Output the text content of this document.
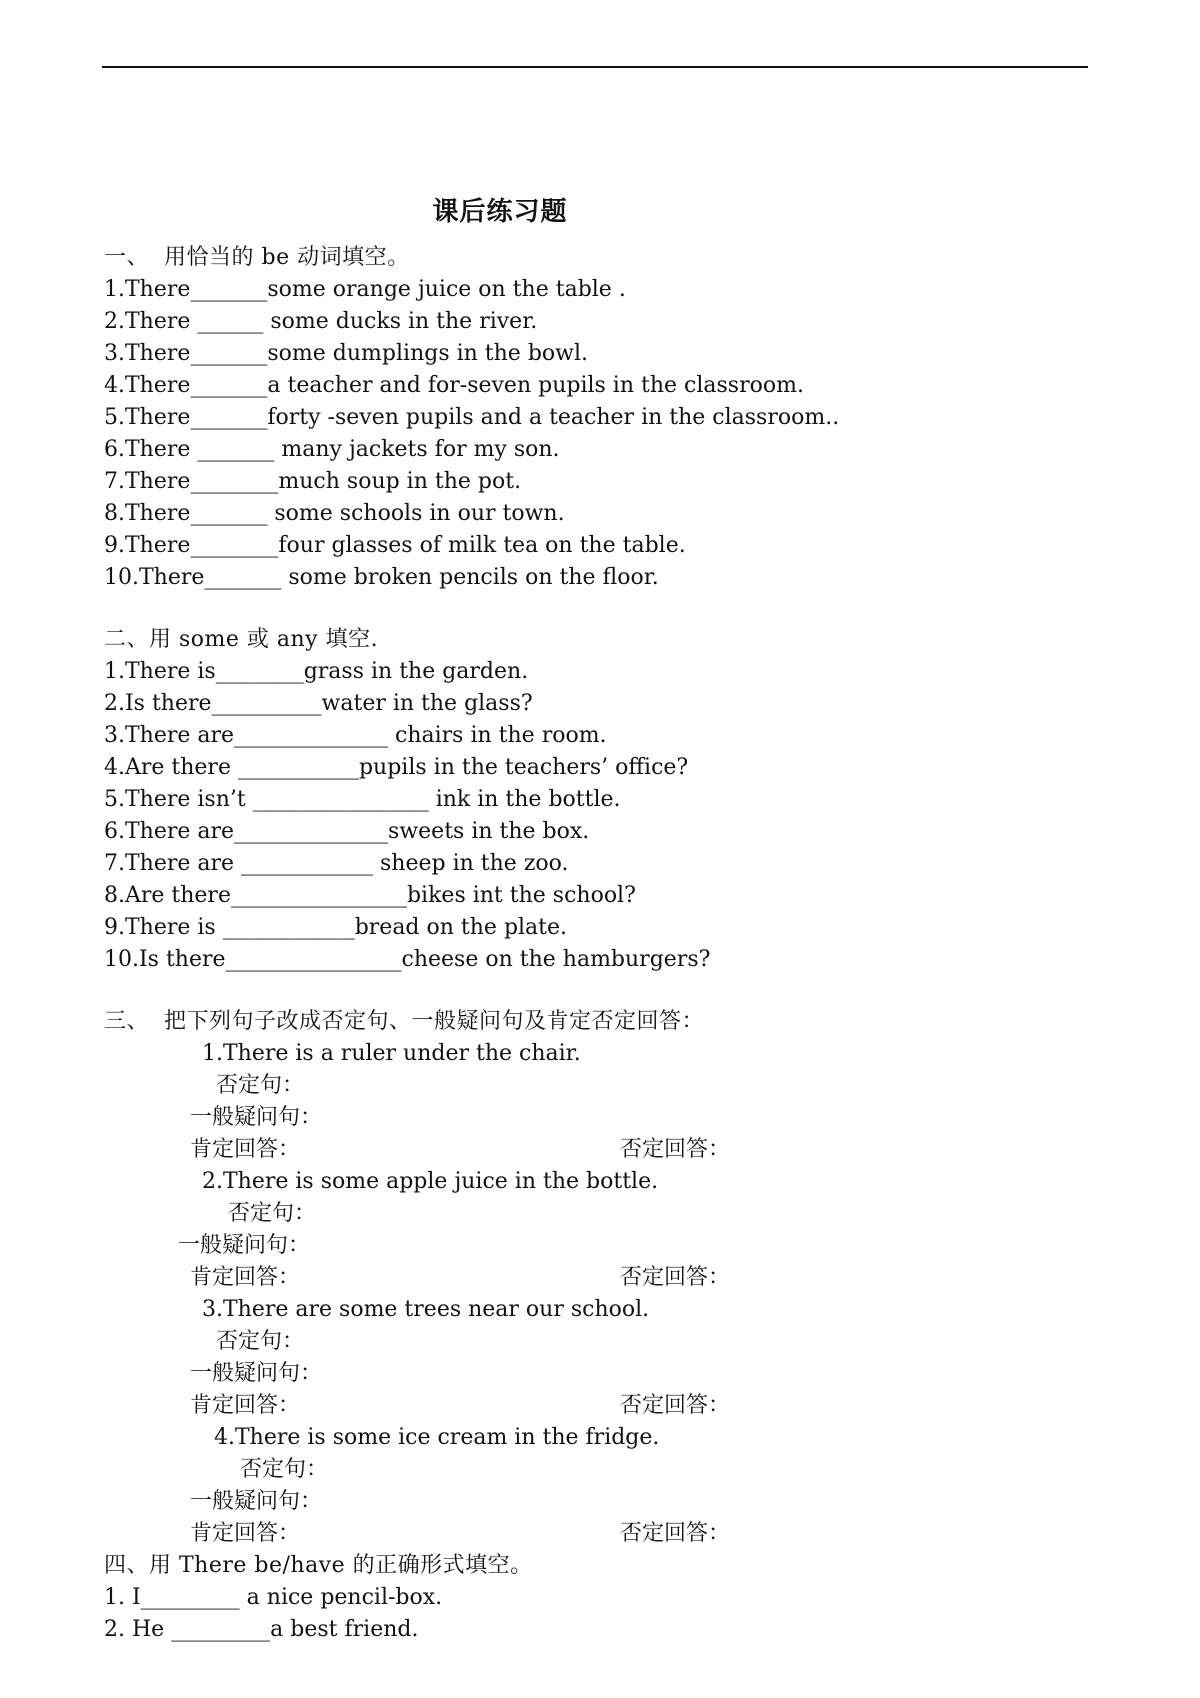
课后练习题
一、  用恰当的 be 动词填空。
1.There_______some orange juice on the table .
2.There ______ some ducks in the river.
3.There_______some dumplings in the bowl.
4.There_______a teacher and for-seven pupils in the classroom.
5.There_______forty -seven pupils and a teacher in the classroom..
6.There _______ many jackets for my son.
7.There________much soup in the pot.
8.There_______ some schools in our town.
9.There________four glasses of milk tea on the table.
10.There_______ some broken pencils on the floor.
二、用 some 或 any 填空.
1.There is________grass in the garden.
2.Is there__________water in the glass?
3.There are______________ chairs in the room.
4.Are there ___________pupils in the teachers’ office?
5.There isn’t ________________ ink in the bottle.
6.There are______________sweets in the box.
7.There are ____________ sheep in the zoo.
8.Are there________________bikes int the school?
9.There is ____________bread on the plate.
10.Is there________________cheese on the hamburgers?
三、  把下列句子改成否定句、一般疑问句及肯定否定回答：
1.There is a ruler under the chair.
否定句：
一般疑问句：
肯定回答：	否定回答：
2.There is some apple juice in the bottle.
否定句：
一般疑问句：
肯定回答：	否定回答：
3.There are some trees near our school.
否定句：
一般疑问句：
肯定回答：	否定回答：
4.There is some ice cream in the fridge.
否定句：
一般疑问句：
肯定回答：	否定回答：
四、用 There be/have 的正确形式填空。
1. I_________ a nice pencil-box.
2. He _________a best friend.
